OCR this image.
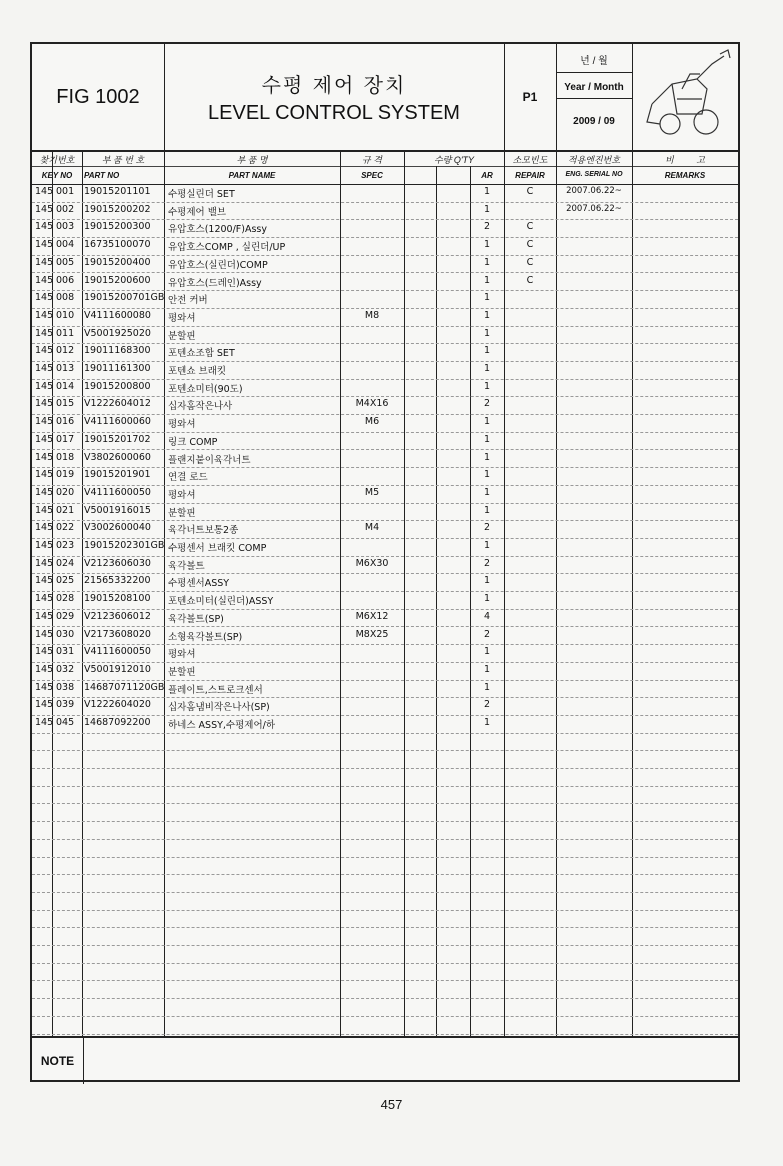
FIG 1002	수평 제어 장치
LEVEL CONTROL SYSTEM
P1
년 / 월
Year / Month
2009 / 09
찾기번호
KEY NO
부 품 번 호
PART NO
부 품 명
PART NAME
규 격
SPEC
수량 Q'TY
AR
소모빈도
REPAIR
적용엔진번호
ENG. SERIAL NO
비 고
REMARKS
145 001 19015201101 수평실린더 SET	1	C	2007.06.22~
145 002 19015200202 수평제어 밸브	1	2007.06.22~
145 003 19015200300 유압호스(1200/F)Assy	2	C
145 004 16735100070 유압호스COMP , 실린더/UP	1	C
145 005 19015200400 유압호스(실린더)COMP	1	C
145 006 19015200600 유압호스(드레인)Assy	1	C
145 008 19015200701GB 안전 커버	1
145 010 V4111600080 평와셔	M8	1
145 011 V5001925020 분할핀	1
145 012 19011168300 포텐쇼조합 SET	1
145 013 19011161300 포텐쇼 브래킷	1
145 014 19015200800 포텐쇼미터(90도)	1
145 015 V1222604012 십자홈작은나사	M4X16	2
145 016 V4111600060 평와셔	M6	1
145 017 19015201702 링크 COMP	1
145 018 V3802600060 플랜지붙이육각너트	1
145 019 19015201901 연결 로드	1
145 020 V4111600050 평와셔	M5	1
145 021 V5001916015 분할핀	1
145 022 V3002600040 육각너트보통2종	M4	2
145 023 19015202301GB 수평센서 브래킷 COMP	1
145 024 V2123606030 육각볼트	M6X30	2
145 025 21565332200 수평센서ASSY	1
145 028 19015208100 포텐쇼미터(실린더)ASSY	1
145 029 V2123606012 육각볼트(SP)	M6X12	4
145 030 V2173608020 소형육각볼트(SP)	M8X25	2
145 031 V4111600050 평와셔	1
145 032 V5001912010 분할핀	1
145 038 14687071120GB 플레이트,스트로크센서	1
145 039 V1222604020 십자홈냄비작은나사(SP)	2
145 045 14687092200 하네스 ASSY,수평제어/하	1
NOTE
457
